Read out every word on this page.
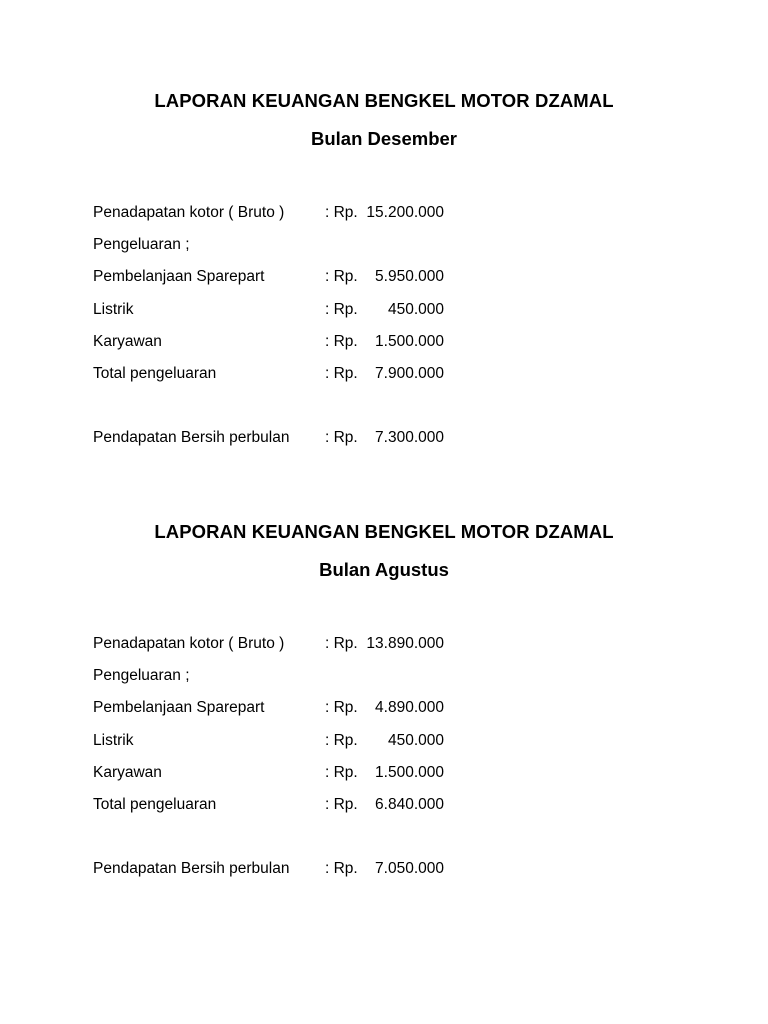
LAPORAN KEUANGAN BENGKEL MOTOR DZAMAL
Bulan Desember
Penadapatan kotor ( Bruto )	: Rp. 15.200.000
Pengeluaran ;
Pembelanjaan Sparepart	: Rp.	5.950.000
Listrik	: Rp.	450.000
Karyawan	: Rp.	1.500.000
Total pengeluaran	: Rp.	7.900.000
Pendapatan Bersih perbulan : Rp.	7.300.000
LAPORAN KEUANGAN BENGKEL MOTOR DZAMAL
Bulan Agustus
Penadapatan kotor ( Bruto )	: Rp. 13.890.000
Pengeluaran ;
Pembelanjaan Sparepart	: Rp.	4.890.000
Listrik	: Rp.	450.000
Karyawan	: Rp.	1.500.000
Total pengeluaran	: Rp.	6.840.000
Pendapatan Bersih perbulan : Rp.	7.050.000
